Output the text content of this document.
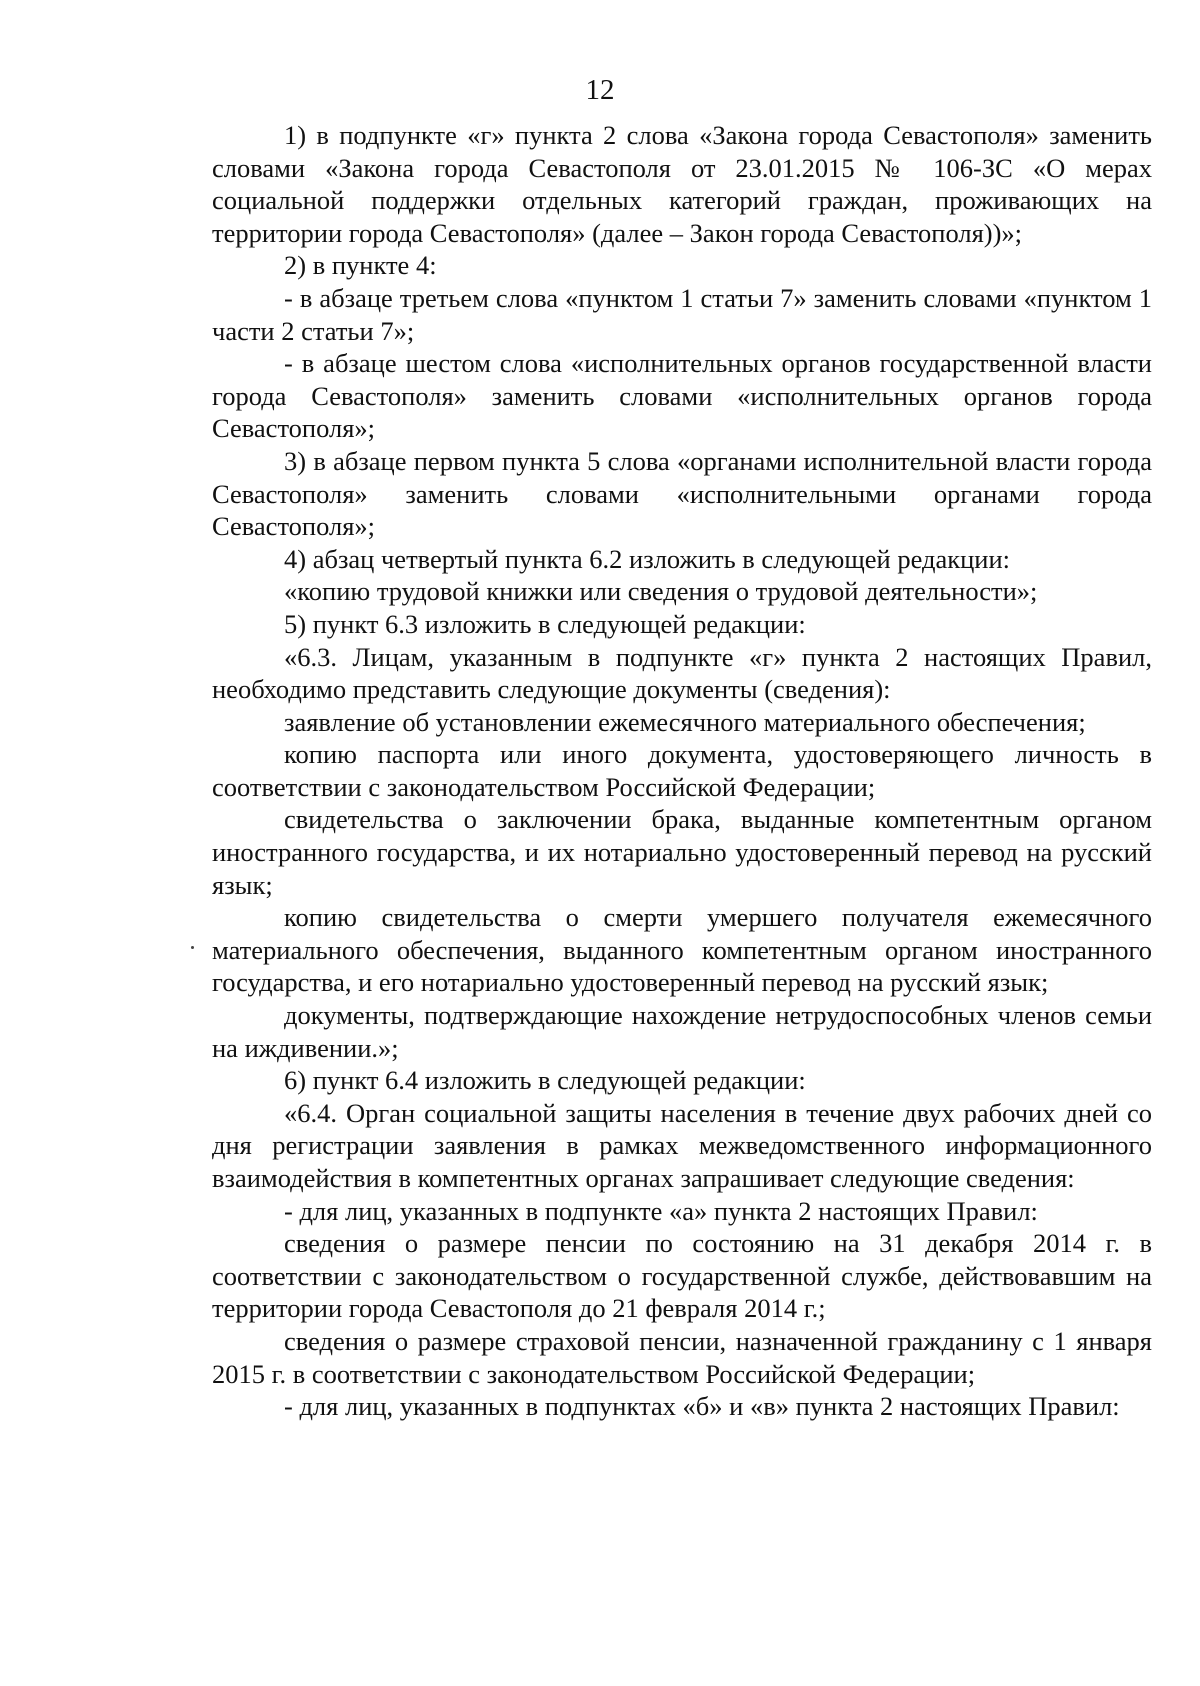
12

1) в подпункте «г» пункта 2 слова «Закона города Севастополя» заменить словами «Закона города Севастополя от 23.01.2015 № 106-ЗС «О мерах социальной поддержки отдельных категорий граждан, проживающих на территории города Севастополя» (далее – Закон города Севастополя))»;

2) в пункте 4:

- в абзаце третьем слова «пунктом 1 статьи 7» заменить словами «пунктом 1 части 2 статьи 7»;

- в абзаце шестом слова «исполнительных органов государственной власти города Севастополя» заменить словами «исполнительных органов города Севастополя»;

3) в абзаце первом пункта 5 слова «органами исполнительной власти города Севастополя» заменить словами «исполнительными органами города Севастополя»;

4) абзац четвертый пункта 6.2 изложить в следующей редакции:

«копию трудовой книжки или сведения о трудовой деятельности»;

5) пункт 6.3 изложить в следующей редакции:

«6.3. Лицам, указанным в подпункте «г» пункта 2 настоящих Правил, необходимо представить следующие документы (сведения):

заявление об установлении ежемесячного материального обеспечения;

копию паспорта или иного документа, удостоверяющего личность в соответствии с законодательством Российской Федерации;

свидетельства о заключении брака, выданные компетентным органом иностранного государства, и их нотариально удостоверенный перевод на русский язык;

копию свидетельства о смерти умершего получателя ежемесячного материального обеспечения, выданного компетентным органом иностранного государства, и его нотариально удостоверенный перевод на русский язык;

документы, подтверждающие нахождение нетрудоспособных членов семьи на иждивении.»;

6) пункт 6.4 изложить в следующей редакции:

«6.4. Орган социальной защиты населения в течение двух рабочих дней со дня регистрации заявления в рамках межведомственного информационного взаимодействия в компетентных органах запрашивает следующие сведения:

- для лиц, указанных в подпункте «а» пункта 2 настоящих Правил:

сведения о размере пенсии по состоянию на 31 декабря 2014 г. в соответствии с законодательством о государственной службе, действовавшим на территории города Севастополя до 21 февраля 2014 г.;

сведения о размере страховой пенсии, назначенной гражданину с 1 января 2015 г. в соответствии с законодательством Российской Федерации;

- для лиц, указанных в подпунктах «б» и «в» пункта 2 настоящих Правил:
